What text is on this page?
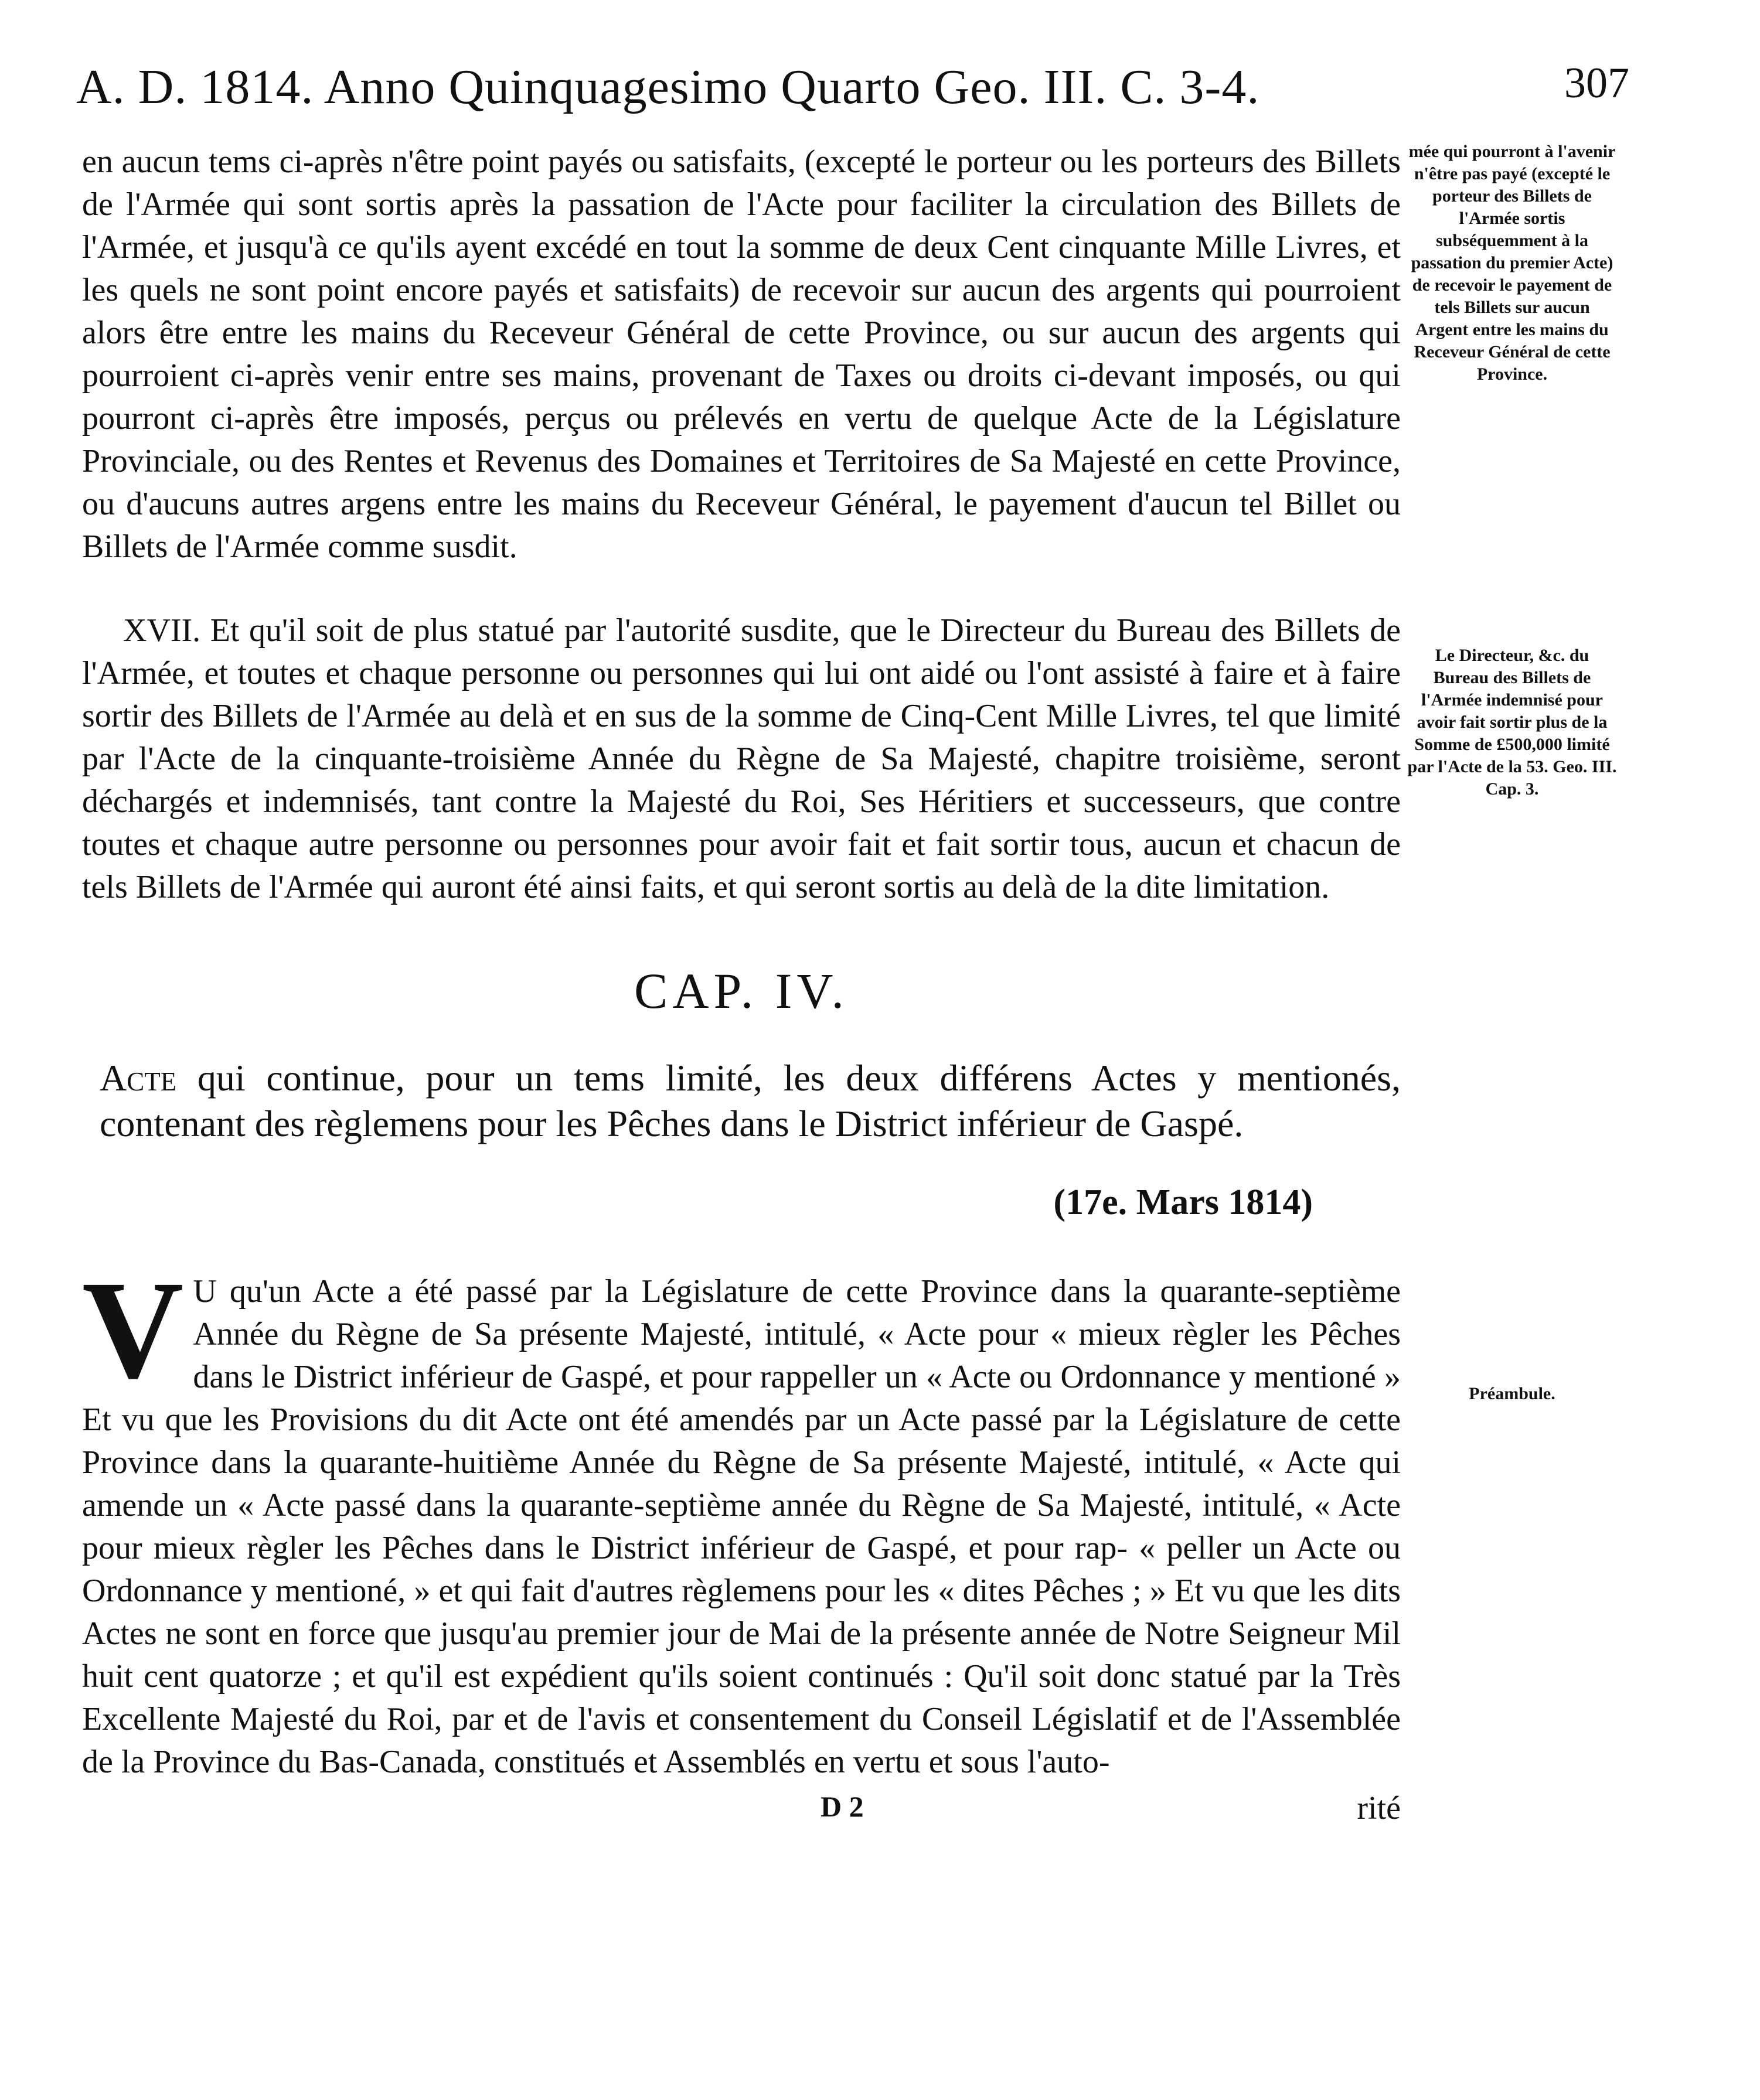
A. D. 1814. Anno Quinquagesimo Quarto Geo. III. C. 3-4.	307
mée qui pourront à l'avenir n'être pas payé (excepté le porteur des Billets de l'Armée sortis subséquemment à la passation du premier Acte) de recevoir le payement de tels Billets sur aucun Argent entre les mains du Receveur Général de cette Province.
Le Directeur, &c. du Bureau des Billets de l'Armée indemnisé pour avoir fait sortir plus de la Somme de £500,000 limité par l'Acte de la 53. Geo. III. Cap. 3.
Préambule.

en aucun tems ci-après n'être point payés ou satisfaits, (excepté le porteur ou les porteurs des Billets de l'Armée qui sont sortis après la passation de l'Acte pour faciliter la circulation des Billets de l'Armée, et jusqu'à ce qu'ils ayent excédé en tout la somme de deux Cent cinquante Mille Livres, et les quels ne sont point encore payés et satisfaits) de recevoir sur aucun des argents qui pourroient alors être entre les mains du Receveur Général de cette Province, ou sur aucun des argents qui pourroient ci-après venir entre ses mains, provenant de Taxes ou droits ci-devant imposés, ou qui pourront ci-après être imposés, perçus ou prélevés en vertu de quelque Acte de la Législature Provinciale, ou des Rentes et Revenus des Domaines et Territoires de Sa Majesté en cette Province, ou d'aucuns autres argens entre les mains du Receveur Général, le payement d'aucun tel Billet ou Billets de l'Armée comme susdit.

XVII. Et qu'il soit de plus statué par l'autorité susdite, que le Directeur du Bureau des Billets de l'Armée, et toutes et chaque personne ou personnes qui lui ont aidé ou l'ont assisté à faire et à faire sortir des Billets de l'Armée au delà et en sus de la somme de Cinq-Cent Mille Livres, tel que limité par l'Acte de la cinquante-troisième Année du Règne de Sa Majesté, chapitre troisième, seront déchargés et indemnisés, tant contre la Majesté du Roi, Ses Héritiers et successeurs, que contre toutes et chaque autre personne ou personnes pour avoir fait et fait sortir tous, aucun et chacun de tels Billets de l'Armée qui auront été ainsi faits, et qui seront sortis au delà de la dite limitation.

CAP. IV.

Acte qui continue, pour un tems limité, les deux différens Actes y mentionés, contenant des règlemens pour les Pêches dans le District inférieur de Gaspé.

(17e. Mars 1814)
V U qu'un Acte a été passé par la Législature de cette Province dans la quarante-septième Année du Règne de Sa présente Majesté, intitulé, « Acte pour « mieux règler les Pêches dans le District inférieur de Gaspé, et pour rappeller un « Acte ou Ordonnance y mentioné » Et vu que les Provisions du dit Acte ont été amendés par un Acte passé par la Législature de cette Province dans la quarante-huitième Année du Règne de Sa présente Majesté, intitulé, « Acte qui amende un « Acte passé dans la quarante-septième année du Règne de Sa Majesté, intitulé, « Acte pour mieux règler les Pêches dans le District inférieur de Gaspé, et pour rap- « peller un Acte ou Ordonnance y mentioné, » et qui fait d'autres règlemens pour les « dites Pêches ; » Et vu que les dits Actes ne sont en force que jusqu'au premier jour de Mai de la présente année de Notre Seigneur Mil huit cent quatorze ; et qu'il est expédient qu'ils soient continués : Qu'il soit donc statué par la Très Excellente Majesté du Roi, par et de l'avis et consentement du Conseil Législatif et de l'Assemblée de la Province du Bas-Canada, constitués et Assemblés en vertu et sous l'auto-

D 2	rité
